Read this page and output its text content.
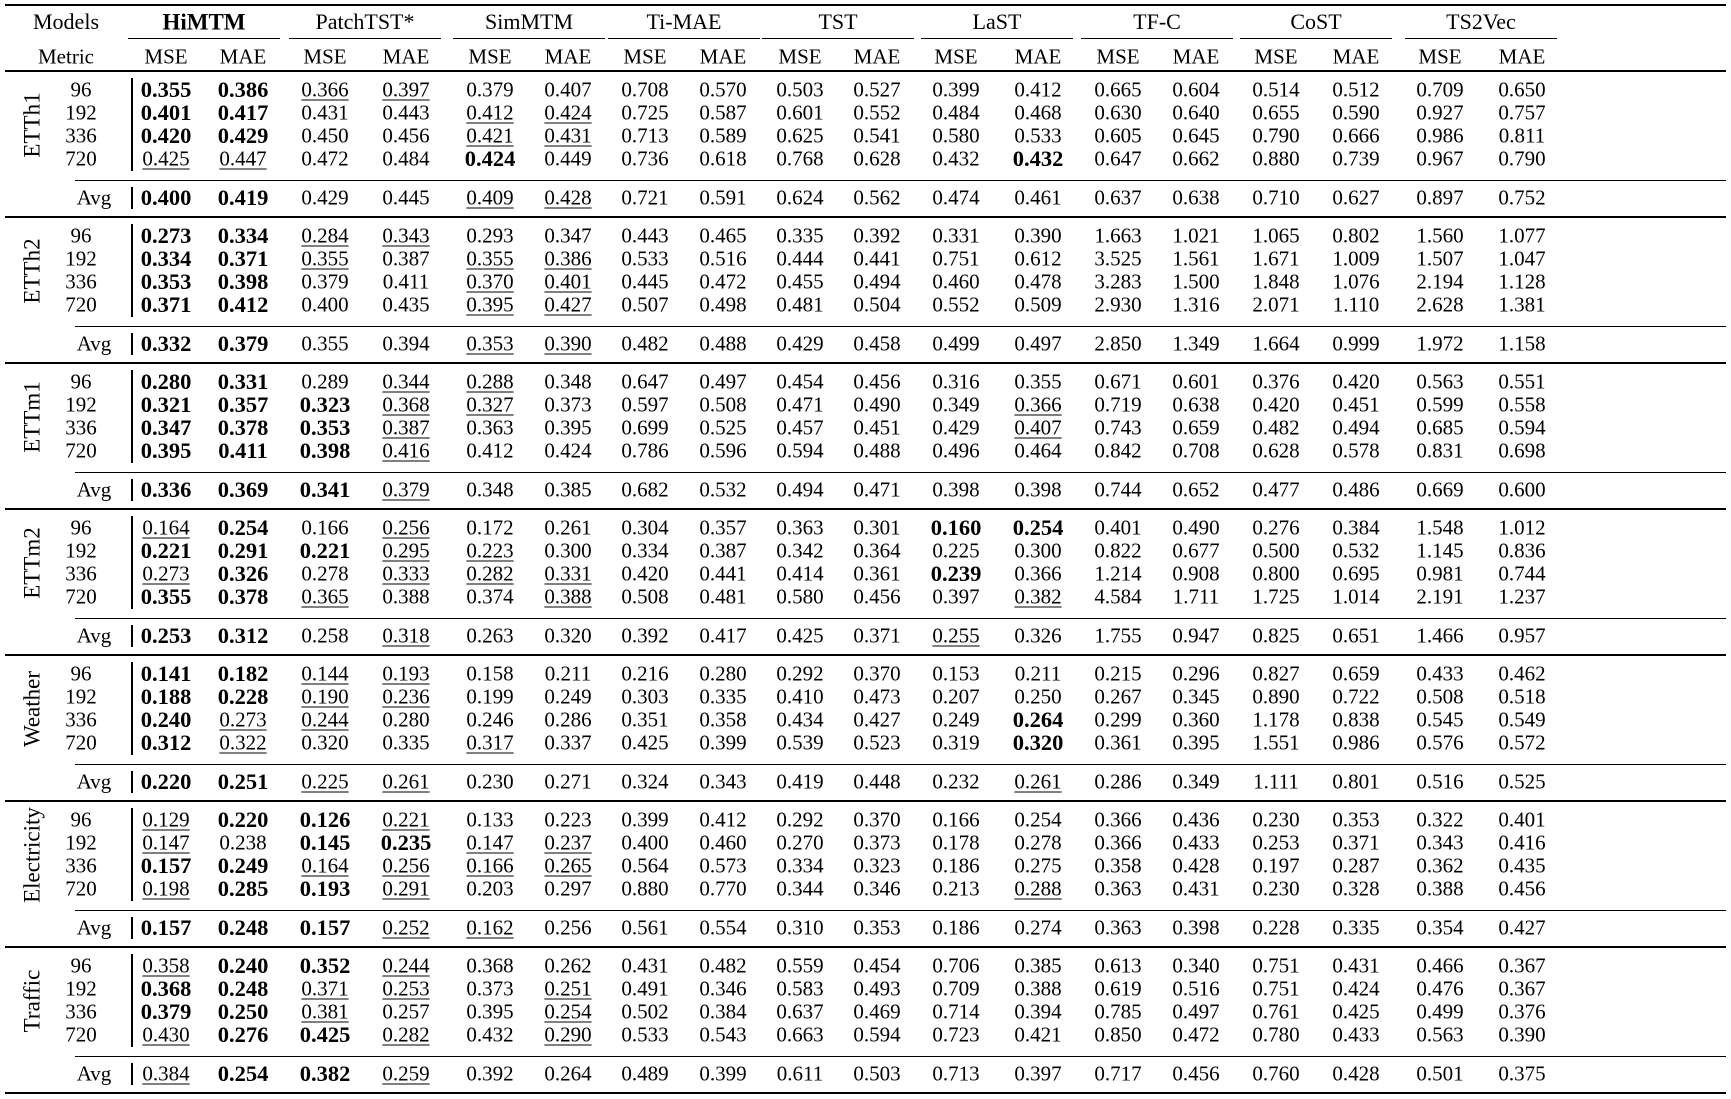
Models	HiMTM	PatchTST*	SimMTM	Ti-MAE	TST	LaST	TF-C	CoST	TS2Vec
Metric MSE MAE MSE MAE MSE MAE MSE MAE MSE MAE MSE MAE MSE MAE MSE MAE MSE MAE
ETTh1
96 0.355 0.386 0.366 0.397 0.379 0.407 0.708 0.570 0.503 0.527 0.399 0.412 0.665 0.604 0.514 0.512 0.709 0.650
192 0.401 0.417 0.431 0.443 0.412 0.424 0.725 0.587 0.601 0.552 0.484 0.468 0.630 0.640 0.655 0.590 0.927 0.757
336 0.420 0.429 0.450 0.456 0.421 0.431 0.713 0.589 0.625 0.541 0.580 0.533 0.605 0.645 0.790 0.666 0.986 0.811
720 0.425 0.447 0.472 0.484 0.424 0.449 0.736 0.618 0.768 0.628 0.432 0.432 0.647 0.662 0.880 0.739 0.967 0.790
Avg 0.400 0.419 0.429 0.445 0.409 0.428 0.721 0.591 0.624 0.562 0.474 0.461 0.637 0.638 0.710 0.627 0.897 0.752
ETTh2
96 0.273 0.334 0.284 0.343 0.293 0.347 0.443 0.465 0.335 0.392 0.331 0.390 1.663 1.021 1.065 0.802 1.560 1.077
192 0.334 0.371 0.355 0.387 0.355 0.386 0.533 0.516 0.444 0.441 0.751 0.612 3.525 1.561 1.671 1.009 1.507 1.047
336 0.353 0.398 0.379 0.411 0.370 0.401 0.445 0.472 0.455 0.494 0.460 0.478 3.283 1.500 1.848 1.076 2.194 1.128
720 0.371 0.412 0.400 0.435 0.395 0.427 0.507 0.498 0.481 0.504 0.552 0.509 2.930 1.316 2.071 1.110 2.628 1.381
Avg 0.332 0.379 0.355 0.394 0.353 0.390 0.482 0.488 0.429 0.458 0.499 0.497 2.850 1.349 1.664 0.999 1.972 1.158
ETTm1 96 0.280 0.331 0.289 0.344 0.288 0.348 0.647 0.497 0.454 0.456 0.316 0.355 0.671 0.601 0.376 0.420 0.563 0.551
192 0.321 0.357 0.323 0.368 0.327 0.373 0.597 0.508 0.471 0.490 0.349 0.366 0.719 0.638 0.420 0.451 0.599 0.558
336 0.347 0.378 0.353 0.387 0.363 0.395 0.699 0.525 0.457 0.451 0.429 0.407 0.743 0.659 0.482 0.494 0.685 0.594
720 0.395 0.411 0.398 0.416 0.412 0.424 0.786 0.596 0.594 0.488 0.496 0.464 0.842 0.708 0.628 0.578 0.831 0.698
Avg 0.336 0.369 0.341 0.379 0.348 0.385 0.682 0.532 0.494 0.471 0.398 0.398 0.744 0.652 0.477 0.486 0.669 0.600
ETTm2 96 0.164 0.254 0.166 0.256 0.172 0.261 0.304 0.357 0.363 0.301 0.160 0.254 0.401 0.490 0.276 0.384 1.548 1.012
192 0.221 0.291 0.221 0.295 0.223 0.300 0.334 0.387 0.342 0.364 0.225 0.300 0.822 0.677 0.500 0.532 1.145 0.836
336 0.273 0.326 0.278 0.333 0.282 0.331 0.420 0.441 0.414 0.361 0.239 0.366 1.214 0.908 0.800 0.695 0.981 0.744
720 0.355 0.378 0.365 0.388 0.374 0.388 0.508 0.481 0.580 0.456 0.397 0.382 4.584 1.711 1.725 1.014 2.191 1.237
Avg 0.253 0.312 0.258 0.318 0.263 0.320 0.392 0.417 0.425 0.371 0.255 0.326 1.755 0.947 0.825 0.651 1.466 0.957
Weather 96 0.141 0.182 0.144 0.193 0.158 0.211 0.216 0.280 0.292 0.370 0.153 0.211 0.215 0.296 0.827 0.659 0.433 0.462
192 0.188 0.228 0.190 0.236 0.199 0.249 0.303 0.335 0.410 0.473 0.207 0.250 0.267 0.345 0.890 0.722 0.508 0.518
336 0.240 0.273 0.244 0.280 0.246 0.286 0.351 0.358 0.434 0.427 0.249 0.264 0.299 0.360 1.178 0.838 0.545 0.549
720 0.312 0.322 0.320 0.335 0.317 0.337 0.425 0.399 0.539 0.523 0.319 0.320 0.361 0.395 1.551 0.986 0.576 0.572
Avg 0.220 0.251 0.225 0.261 0.230 0.271 0.324 0.343 0.419 0.448 0.232 0.261 0.286 0.349 1.111 0.801 0.516 0.525
Electricity 96 0.129 0.220 0.126 0.221 0.133 0.223 0.399 0.412 0.292 0.370 0.166 0.254 0.366 0.436 0.230 0.353 0.322 0.401
192 0.147 0.238 0.145 0.235 0.147 0.237 0.400 0.460 0.270 0.373 0.178 0.278 0.366 0.433 0.253 0.371 0.343 0.416
336 0.157 0.249 0.164 0.256 0.166 0.265 0.564 0.573 0.334 0.323 0.186 0.275 0.358 0.428 0.197 0.287 0.362 0.435
720 0.198 0.285 0.193 0.291 0.203 0.297 0.880 0.770 0.344 0.346 0.213 0.288 0.363 0.431 0.230 0.328 0.388 0.456
Avg 0.157 0.248 0.157 0.252 0.162 0.256 0.561 0.554 0.310 0.353 0.186 0.274 0.363 0.398 0.228 0.335 0.354 0.427
Traffic
96 0.358 0.240 0.352 0.244 0.368 0.262 0.431 0.482 0.559 0.454 0.706 0.385 0.613 0.340 0.751 0.431 0.466 0.367
192 0.368 0.248 0.371 0.253 0.373 0.251 0.491 0.346 0.583 0.493 0.709 0.388 0.619 0.516 0.751 0.424 0.476 0.367
336 0.379 0.250 0.381 0.257 0.395 0.254 0.502 0.384 0.637 0.469 0.714 0.394 0.785 0.497 0.761 0.425 0.499 0.376
720 0.430 0.276 0.425 0.282 0.432 0.290 0.533 0.543 0.663 0.594 0.723 0.421 0.850 0.472 0.780 0.433 0.563 0.390
Avg 0.384 0.254 0.382 0.259 0.392 0.264 0.489 0.399 0.611 0.503 0.713 0.397 0.717 0.456 0.760 0.428 0.501 0.375
